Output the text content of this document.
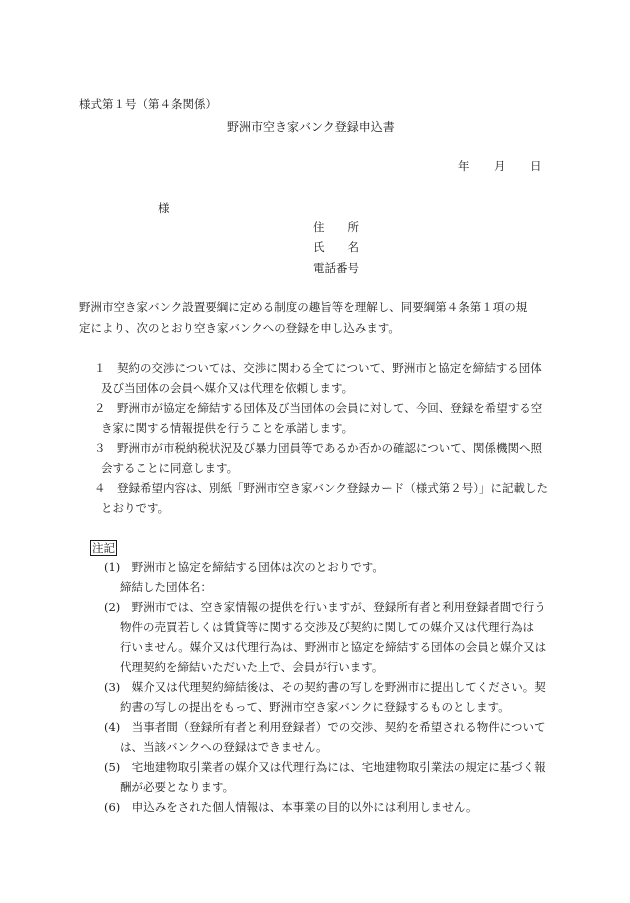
様式第１号（第４条関係）
野洲市空き家バンク登録申込書
年 月 日
様
住　　所
氏　　名
電話番号
野洲市空き家バンク設置要綱に定める制度の趣旨等を理解し、同要綱第４条第１項の規
定により、次のとおり空き家バンクへの登録を申し込みます。
１　契約の交渉については、交渉に関わる全てについて、野洲市と協定を締結する団体
及び当団体の会員へ媒介又は代理を依頼します。
２　野洲市が協定を締結する団体及び当団体の会員に対して、今回、登録を希望する空
き家に関する情報提供を行うことを承諾します。
３　野洲市が市税納税状況及び暴力団員等であるか否かの確認について、関係機関へ照
会することに同意します。
４　登録希望内容は、別紙「野洲市空き家バンク登録カード（様式第２号）」に記載した
とおりです。
注記
(1)　野洲市と協定を締結する団体は次のとおりです。
締結した団体名：
(2)　野洲市では、空き家情報の提供を行いますが、登録所有者と利用登録者間で行う
物件の売買若しくは賃貸等に関する交渉及び契約に関しての媒介又は代理行為は
行いません。媒介又は代理行為は、野洲市と協定を締結する団体の会員と媒介又は
代理契約を締結いただいた上で、会員が行います。
(3)　媒介又は代理契約締結後は、その契約書の写しを野洲市に提出してください。契
約書の写しの提出をもって、野洲市空き家バンクに登録するものとします。
(4)　当事者間（登録所有者と利用登録者）での交渉、契約を希望される物件について
は、当該バンクへの登録はできません。
(5)　宅地建物取引業者の媒介又は代理行為には、宅地建物取引業法の規定に基づく報
酬が必要となります。
(6)　申込みをされた個人情報は、本事業の目的以外には利用しません。
